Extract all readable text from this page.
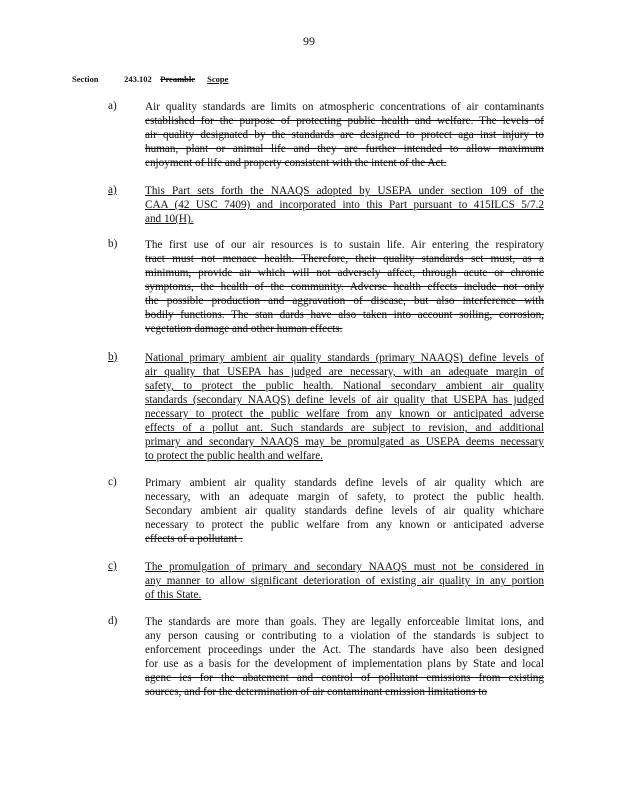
99
Section	243.102 Preamble Scope
a)	Air quality standards are limits on atmospheric concentrations of air contaminants
established for the purpose of protecting public health and welfare. The levels of
air quality designated by the standards are designed to protect aga inst injury to
human, plant or animal life and they are further intended to allow maximum
enjoyment of life and property consistent with the intent of the Act.
a)	This Part sets forth the NAAQS adopted by USEPA under section 109 of the
CAA (42 USC 7409) and incorporated into this Part pursuant to 415ILCS 5/7.2
and 10(H).
b) The first use of our air resources is to sustain life. Air entering the respiratory
tract must not menace health. Therefore, their quality standards set must, as a
minimum, provide air which will not adversely affect, through acute or chronic
symptoms, the health of the community. Adverse health effects include not only
the possible production and aggravation of disease, but also interference with
bodily functions. The stan dards have also taken into account soiling, corrosion,
vegetation damage and other human effects.
b) National primary ambient air quality standards (primary NAAQS) define levels of
air quality that USEPA has judged are necessary, with an adequate margin of
safety, to protect the public health. National secondary ambient air quality
standards (secondary NAAQS) define levels of air quality that USEPA has judged
necessary to protect the public welfare from any known or anticipated adverse
effects of a pollut ant. Such standards are subject to revision, and additional
primary and secondary NAAQS may be promulgated as USEPA deems necessary
to protect the public health and welfare.
c)	Primary ambient air quality standards define levels of air quality which are
necessary, with an adequate margin of safety, to protect the public health.
Secondary ambient air quality standards define levels of air quality whichare
necessary to protect the public welfare from any known or anticipated adverse
effects of a pollutant .
c)	The promulgation of primary and secondary NAAQS must not be considered in
any manner to allow significant deterioration of existing air quality in any portion
of this State.
d) The standards are more than goals. They are legally enforceable limitat ions, and
any person causing or contributing to a violation of the standards is subject to
enforcement proceedings under the Act. The standards have also been designed
for use as a basis for the development of implementation plans by State and local
agenc ies for the abatement and control of pollutant emissions from existing
sources, and for the determination of air contaminant emission limitations to
